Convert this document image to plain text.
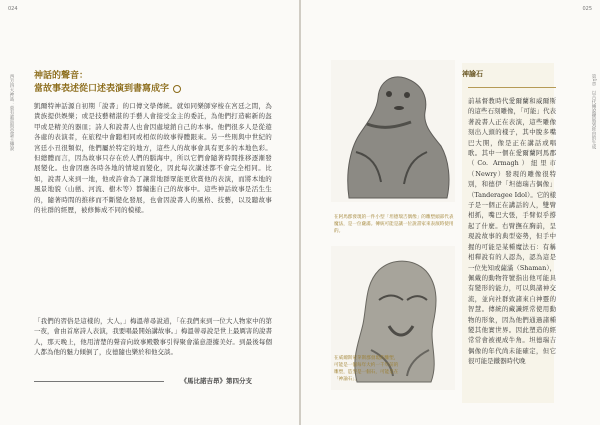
024
西方四大神話：東有詭雷與亞瑟王傳說 神話的聲音：
當故事表述從口述表演到書寫成字
凱爾特神話源自初期「說書」的口傳文學傳統。就如同樂師穿梭在宮廷之間，為貴族提供娛樂；或是技藝精湛的手藝人會接受金主的委託，為他們打造嶄新的盔甲或是精美的器皿；詩人和說書人也會因處境銷自己的本事。他們很多人是從遊各處的表演者，在旅程中會聽相同或相似的故事得體跟來。另一些則與中世紀的宮廷小丑很類似，他們屬於特定的地方，這些人的故事會具有更多的本地色彩。但總體而言，因為故事只存在於人們的腦海中，所以它們會隨著時間推移逐漸發展變化。也會因應各時各地的情境而變化，因此每次講述都不會完全相同。比如，說書人來到一地，他或許會為了讓當地群眾能更欣賞他的表演，而將本地的風景地貌（山巒、河流、樹木等）都編進自己的故事中。這些神話故事是活生生的，隨著時間的推移而不斷變化發展，也會因說書人的風格、技藝，以及聽故事的社群的經歷，被修飾成不同的模樣。
「我們的習俗是這樣的，大人，」梅溫蒂尋說道，「在我們來到一位大人物家中的第一夜，會由首席詩人表演，我要唱最開始講故事。」梅溫蒂尋說是世上最厲害的說書人，那天晚上，他用清楚的聲音向故事殿數事引得聚會滿意證據美好。到最後每個人都為他的魅力傾倒了，皮德隨也樂於和他交談。
《馬比諾吉昂》第四分支
025
第1章　以古代傳說擴展到經由的生成
神諭石
前基督教時代愛爾蘭和威爾斯的這些石刻雕像，「可能」代表著說書人正在表演，這些雕像刻出人頭的樣子，其中脫多嘴巴大開，像是正在講話或唱歌。其中一個在愛爾蘭阿馬郡（Co. Armagh）紐里市（Newry）發現的雕像很特別，和德伊「坦德瑞吉偶像」（Tanderagee Idol）。它的樣子是一個正在講話的人，雙臂相抓，嘴巴大張，手臂似乎撐起了什麼。右臂撫在胸前，呈現說故事的典型姿勢，但手中握的可能是某種魔法石：有稱相釋說有的人認為，認為這是一位先知或薩滿（Shaman），佩戴的動物符號指出他可能具有變形的能力，可以與諸神交流，並向社群致諸來自神靈的智慧。傳統的藏識經常使用動物的形象，因為他們通過諸種變其他實世界。因此塑造的經常常會被視成牛角。坦德瑞吉偶像的年代尚未能確定，但它很可能是鐵器時代晚
在阿馬郡發現的一件小型「坦德瑞吉偶像」的雕塑頭部代表魔法，是一位薩滿。傳統可能是讓一位說書家來表演時使用的。
在威爾斯蒙茅斯郡發現的雕塑，可能是一個每年大約一千年前的雕塑，造型是一個石，可能是在「神諭石」。
